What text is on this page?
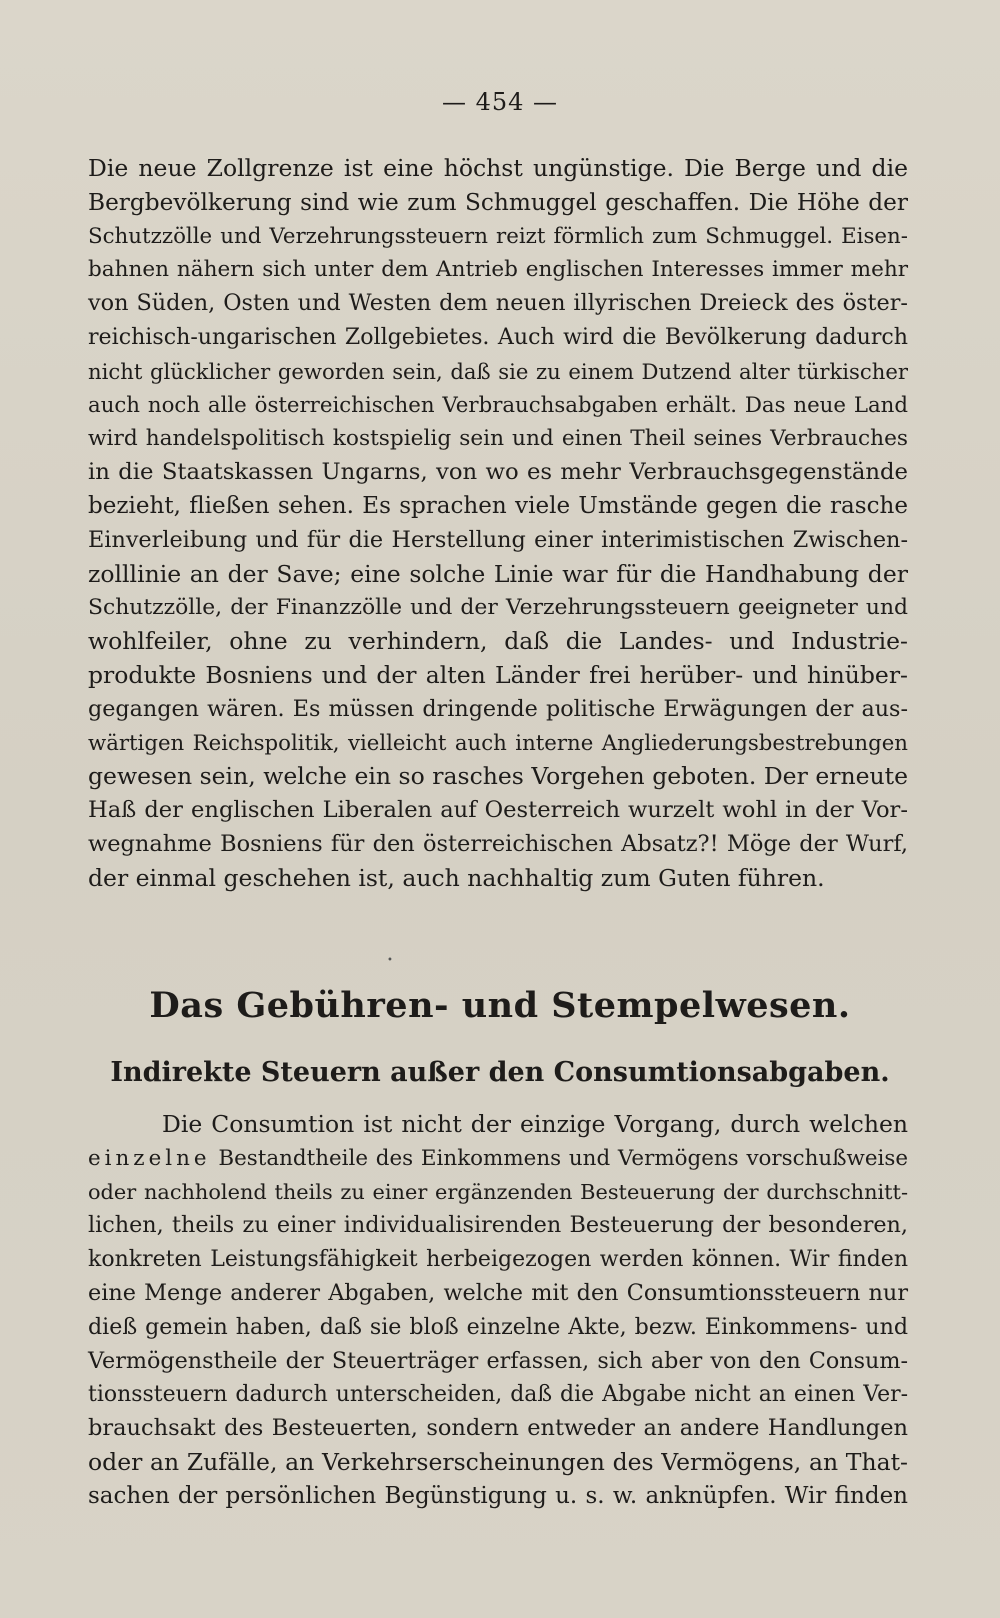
— 454 —
Die neue Zollgrenze ist eine höchst ungünstige. Die Berge und die
Bergbevölkerung sind wie zum Schmuggel geschaffen. Die Höhe der
Schutzzölle und Verzehrungssteuern reizt förmlich zum Schmuggel. Eisen-
bahnen nähern sich unter dem Antrieb englischen Interesses immer mehr
von Süden, Osten und Westen dem neuen illyrischen Dreieck des öster-
reichisch-ungarischen Zollgebietes. Auch wird die Bevölkerung dadurch
nicht glücklicher geworden sein, daß sie zu einem Dutzend alter türkischer
auch noch alle österreichischen Verbrauchsabgaben erhält. Das neue Land
wird handelspolitisch kostspielig sein und einen Theil seines Verbrauches
in die Staatskassen Ungarns, von wo es mehr Verbrauchsgegenstände
bezieht, fließen sehen. Es sprachen viele Umstände gegen die rasche
Einverleibung und für die Herstellung einer interimistischen Zwischen-
zolllinie an der Save; eine solche Linie war für die Handhabung der
Schutzzölle, der Finanzzölle und der Verzehrungssteuern geeigneter und
wohlfeiler, ohne zu verhindern, daß die Landes- und Industrie-
produkte Bosniens und der alten Länder frei herüber- und hinüber-
gegangen wären. Es müssen dringende politische Erwägungen der aus-
wärtigen Reichspolitik, vielleicht auch interne Angliederungsbestrebungen
gewesen sein, welche ein so rasches Vorgehen geboten. Der erneute
Haß der englischen Liberalen auf Oesterreich wurzelt wohl in der Vor-
wegnahme Bosniens für den österreichischen Absatz?! Möge der Wurf,
der einmal geschehen ist, auch nachhaltig zum Guten führen.
•
Das Gebühren- und Stempelwesen.
Indirekte Steuern außer den Consumtionsabgaben.
Die Consumtion ist nicht der einzige Vorgang, durch welchen
einzelne Bestandtheile des Einkommens und Vermögens vorschußweise
oder nachholend theils zu einer ergänzenden Besteuerung der durchschnitt-
lichen, theils zu einer individualisirenden Besteuerung der besonderen,
konkreten Leistungsfähigkeit herbeigezogen werden können. Wir finden
eine Menge anderer Abgaben, welche mit den Consumtionssteuern nur
dieß gemein haben, daß sie bloß einzelne Akte, bezw. Einkommens- und
Vermögenstheile der Steuerträger erfassen, sich aber von den Consum-
tionssteuern dadurch unterscheiden, daß die Abgabe nicht an einen Ver-
brauchsakt des Besteuerten, sondern entweder an andere Handlungen
oder an Zufälle, an Verkehrserscheinungen des Vermögens, an That-
sachen der persönlichen Begünstigung u. s. w. anknüpfen. Wir finden
